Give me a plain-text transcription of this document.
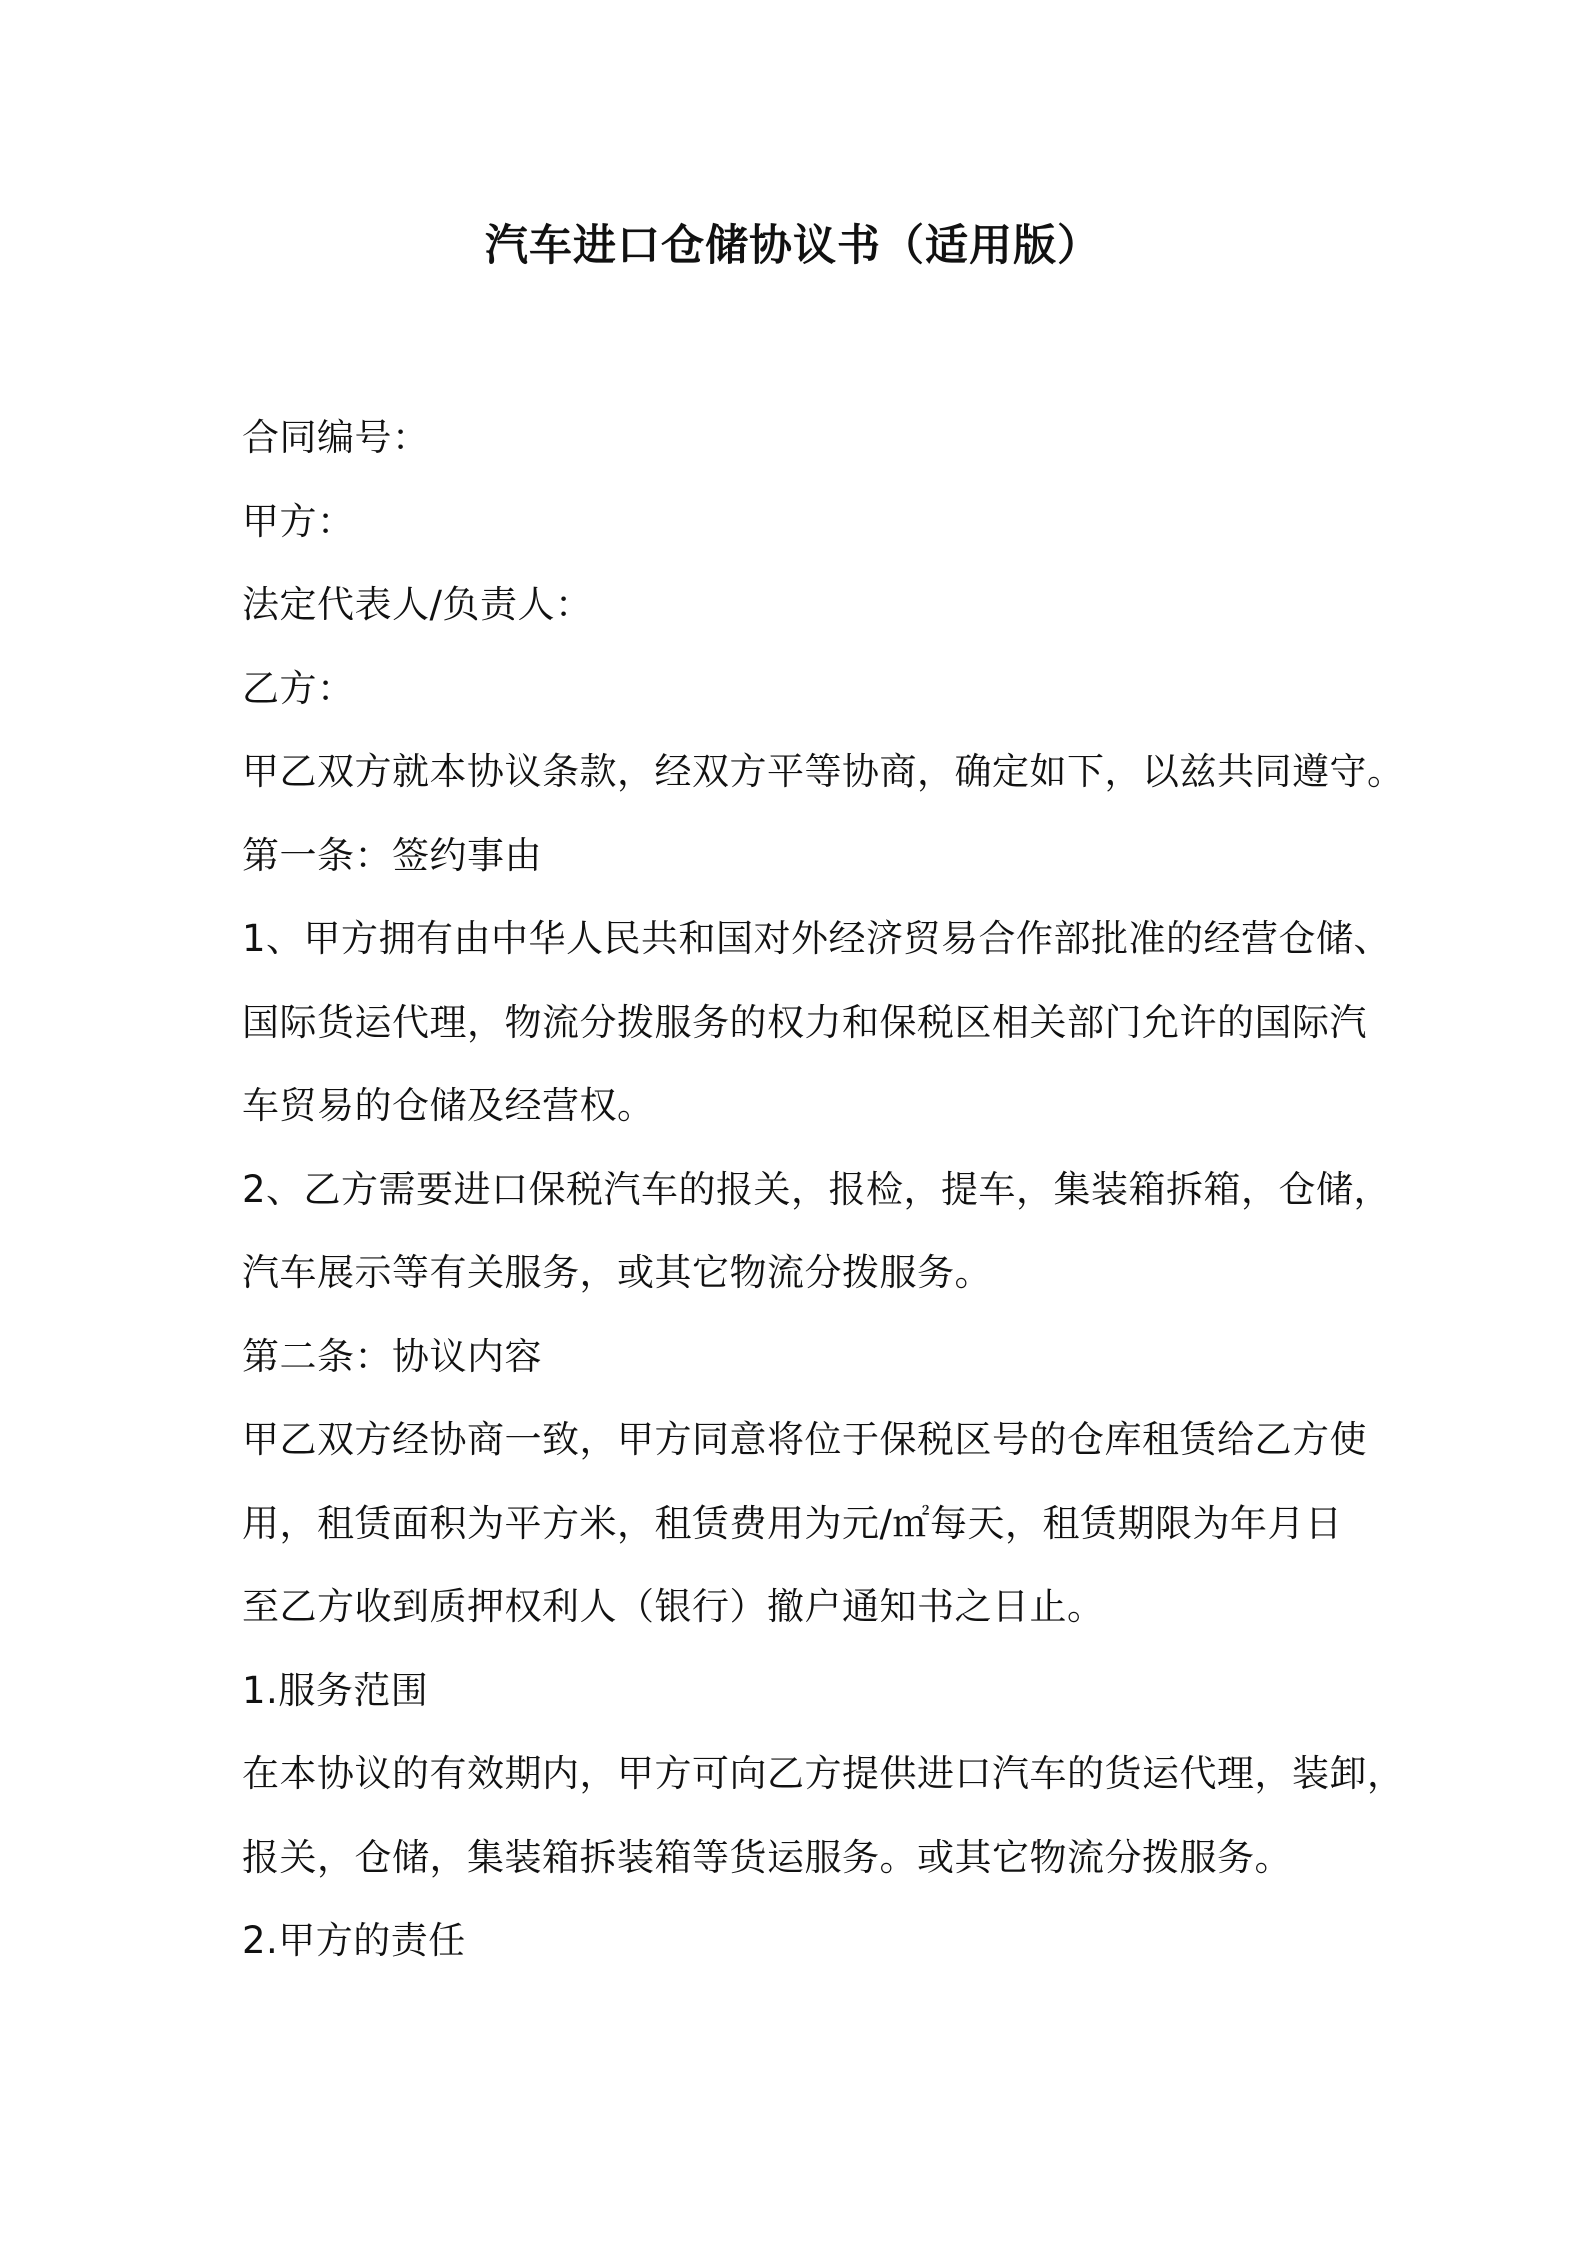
汽车进口仓储协议书（适用版）
合同编号：
甲方：
法定代表人/负责人：
乙方：
甲乙双方就本协议条款，经双方平等协商，确定如下，以兹共同遵守。
第一条：签约事由
1、甲方拥有由中华人民共和国对外经济贸易合作部批准的经营仓储、
国际货运代理，物流分拨服务的权力和保税区相关部门允许的国际汽
车贸易的仓储及经营权。
2、乙方需要进口保税汽车的报关，报检，提车，集装箱拆箱，仓储，
汽车展示等有关服务，或其它物流分拨服务。
第二条：协议内容
甲乙双方经协商一致，甲方同意将位于保税区号的仓库租赁给乙方使
用，租赁面积为平方米，租赁费用为元/㎡每天，租赁期限为年月日
至乙方收到质押权利人（银行）撤户通知书之日止。
1.服务范围
在本协议的有效期内，甲方可向乙方提供进口汽车的货运代理，装卸，
报关，仓储，集装箱拆装箱等货运服务。或其它物流分拨服务。
2.甲方的责任
